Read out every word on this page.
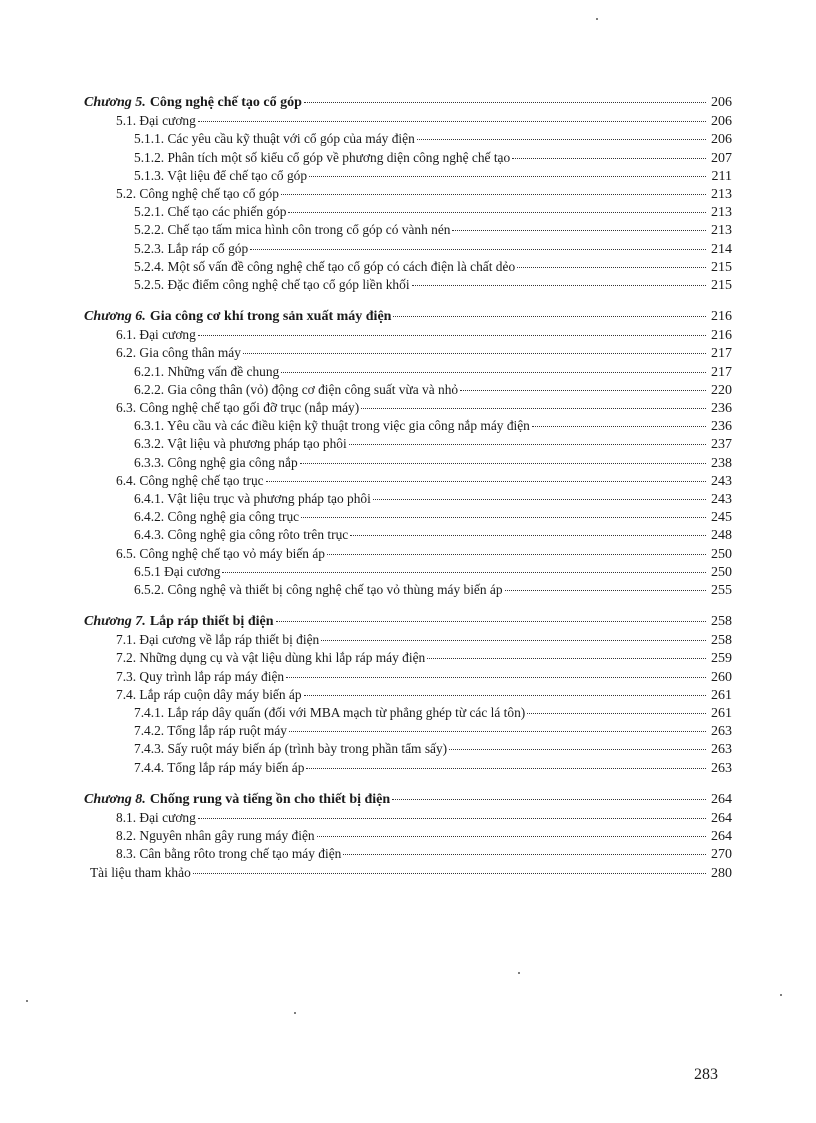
Chương 5. Công nghệ chế tạo cổ góp	206
5.1. Đại cương	206
5.1.1. Các yêu cầu kỹ thuật với cổ góp của máy điện	206
5.1.2. Phân tích một số kiểu cổ góp về phương diện công nghệ chế tạo	207
5.1.3. Vật liệu để chế tạo cổ góp	211
5.2. Công nghệ chế tạo cổ góp	213
5.2.1. Chế tạo các phiến góp	213
5.2.2. Chế tạo tấm mica hình côn trong cổ góp có vành nén	213
5.2.3. Lắp ráp cổ góp	214
5.2.4. Một số vấn đề công nghệ chế tạo cổ góp có cách điện là chất dẻo	215
5.2.5. Đặc điểm công nghệ chế tạo cổ góp liền khối	215
Chương 6. Gia công cơ khí trong sản xuất máy điện	216
6.1. Đại cương	216
6.2. Gia công thân máy	217
6.2.1. Những vấn đề chung	217
6.2.2. Gia công thân (vỏ) động cơ điện công suất vừa và nhỏ	220
6.3. Công nghệ chế tạo gối đỡ trục (nắp máy)	236
6.3.1. Yêu cầu và các điều kiện kỹ thuật trong việc gia công nắp máy điện	236
6.3.2. Vật liệu và phương pháp tạo phôi	237
6.3.3. Công nghệ gia công nắp	238
6.4. Công nghệ chế tạo trục	243
6.4.1. Vật liệu trục và phương pháp tạo phôi	243
6.4.2. Công nghệ gia công trục	245
6.4.3. Công nghệ gia công rôto trên trục	248
6.5. Công nghệ chế tạo vỏ máy biến áp	250
6.5.1 Đại cương	250
6.5.2. Công nghệ và thiết bị công nghệ chế tạo vỏ thùng máy biến áp	255
Chương 7. Lắp ráp thiết bị điện	258
7.1. Đại cương về lắp ráp thiết bị điện	258
7.2. Những dụng cụ và vật liệu dùng khi lắp ráp máy điện	259
7.3. Quy trình lắp ráp máy điện	260
7.4. Lắp ráp cuộn dây máy biến áp	261
7.4.1. Lắp ráp dây quấn (đối với MBA mạch từ phẳng ghép từ các lá tôn)	261
7.4.2. Tổng lắp ráp ruột máy	263
7.4.3. Sấy ruột máy biến áp (trình bày trong phần tẩm sấy)	263
7.4.4. Tổng lắp ráp máy biến áp	263
Chương 8. Chống rung và tiếng ồn cho thiết bị điện	264
8.1. Đại cương	264
8.2. Nguyên nhân gây rung máy điện	264
8.3. Cân bằng rôto trong chế tạo máy điện	270
Tài liệu tham khảo	280
283
